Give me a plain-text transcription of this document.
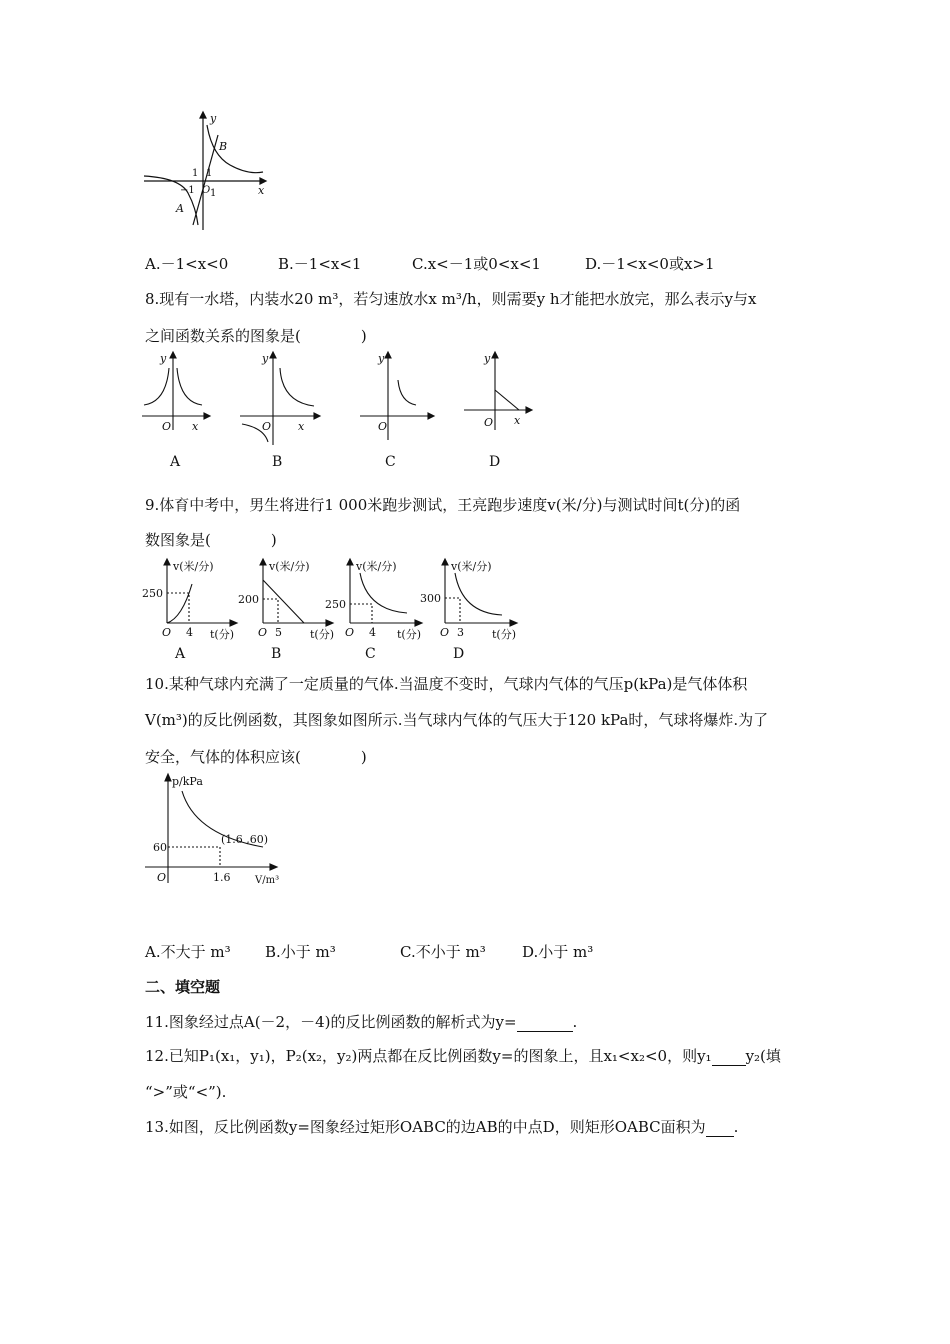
y
x
B
A
1 1
−1 O 1
A.－1<x<0	B.－1<x<1	C.x<－1或0<x<1	D.－1<x<0或x>1
8.现有一水塔，内装水20 m³，若匀速放水x m³/h，则需要y h才能把水放完，那么表示y与x
之间函数关系的图象是(　　　　)
y
x
O
A
y
x
O
B
y
O
C
y
x
O
D
9.体育中考中，男生将进行1 000米跑步测试，王亮跑步速度v(米/分)与测试时间t(分)的函
数图象是(　　　　)
v(米/分)
250
4
O	t(分)
A
v(米/分)
200
5
O	t(分)
B
v(米/分)
250
4
O	t(分)
C
v(米/分)
300
3
O	t(分)
D
10.某种气球内充满了一定质量的气体.当温度不变时，气球内气体的气压p(kPa)是气体体积
V(m³)的反比例函数，其图象如图所示.当气球内气体的气压大于120 kPa时，气球将爆炸.为了
安全，气体的体积应该(　　　　)
p/kPa
60
1.6
O	V/m³
(1.6 ,60)
A.不大于 m³ B.小于 m³	C.不小于 m³ D.小于 m³
二、填空题
11.图象经过点A(－2，－4)的反比例函数的解析式为y=	.
12.已知P₁(x₁，y₁)，P₂(x₂，y₂)两点都在反比例函数y=的图象上，且x₁<x₂<0，则y₁ y₂(填
“>”或“<”).
13.如图，反比例函数y=图象经过矩形OABC的边AB的中点D，则矩形OABC面积为 .
